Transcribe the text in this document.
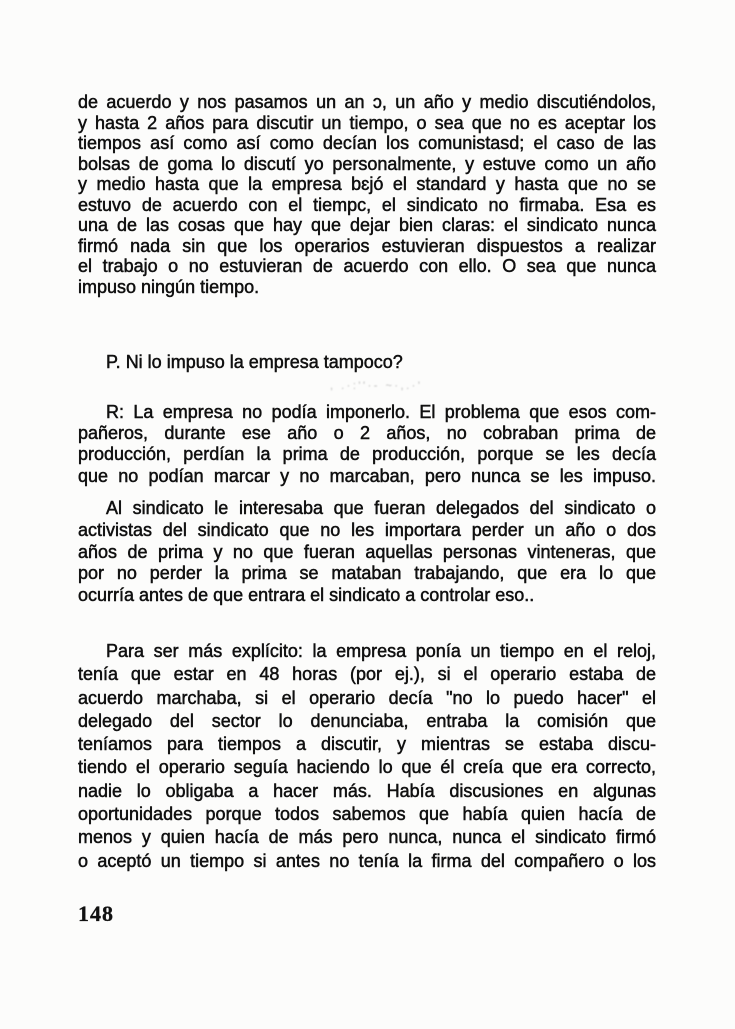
de acuerdo y nos pasamos un an ɔ, un año y medio discutiéndolos,
y hasta 2 años para discutir un tiempo, o sea que no es aceptar los
tiempos así como así como decían los comunistasd; el caso de las
bolsas de goma lo discutí yo personalmente, y estuve como un año
y medio hasta que la empresa bɛjó el standard y hasta que no se
estuvo de acuerdo con el tiempc, el sindicato no firmaba. Esa es
una de las cosas que hay que dejar bien claras: el sindicato nunca
firmó nada sin que los operarios estuvieran dispuestos a realizar
el trabajo o no estuvieran de acuerdo con ello. O sea que nunca
impuso ningún tiempo.
P. Ni lo impuso la empresa tampoco?
, .·:''·- ~·,.·'
R: La empresa no podía imponerlo. El problema que esos com-
pañeros, durante ese año o 2 años, no cobraban prima de
producción, perdían la prima de producción, porque se les decía
que no podían marcar y no marcaban, pero nunca se les impuso.
Al sindicato le interesaba que fueran delegados del sindicato o
activistas del sindicato que no les importara perder un año o dos
años de prima y no que fueran aquellas personas vinteneras, que
por no perder la prima se mataban trabajando, que era lo que
ocurría antes de que entrara el sindicato a controlar eso..
Para ser más explícito: la empresa ponía un tiempo en el reloj,
tenía que estar en 48 horas (por ej.), si el operario estaba de
acuerdo marchaba, si el operario decía "no lo puedo hacer" el
delegado del sector lo denunciaba, entraba la comisión que
teníamos para tiempos a discutir, y mientras se estaba discu-
tiendo el operario seguía haciendo lo que él creía que era correcto,
nadie lo obligaba a hacer más. Había discusiones en algunas
oportunidades porque todos sabemos que había quien hacía de
menos y quien hacía de más pero nunca, nunca el sindicato firmó
o aceptó un tiempo si antes no tenía la firma del compañero o los
148
